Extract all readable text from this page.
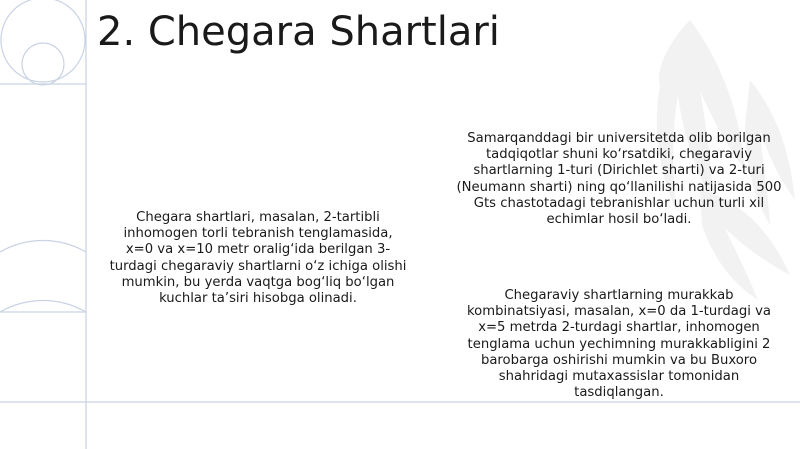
2. Chegara Shartlari

Chegara shartlari, masalan, 2-tartibli inhomogen torli tebranish tenglamasida, x=0 va x=10 metr oralig‘ida berilgan 3-turdagi chegaraviy shartlarni o‘z ichiga olishi mumkin, bu yerda vaqtga bog‘liq bo‘lgan kuchlar ta’siri hisobga olinadi.

Samarqanddagi bir universitetda olib borilgan tadqiqotlar shuni ko‘rsatdiki, chegaraviy shartlarning 1-turi (Dirichlet sharti) va 2-turi (Neumann sharti) ning qo‘llanilishi natijasida 500 Gts chastotadagi tebranishlar uchun turli xil echimlar hosil bo‘ladi.

Chegaraviy shartlarning murakkab kombinatsiyasi, masalan, x=0 da 1-turdagi va x=5 metrda 2-turdagi shartlar, inhomogen tenglama uchun yechimning murakkabligini 2 barobarga oshirishi mumkin va bu Buxoro shahridagi mutaxassislar tomonidan tasdiqlangan.
